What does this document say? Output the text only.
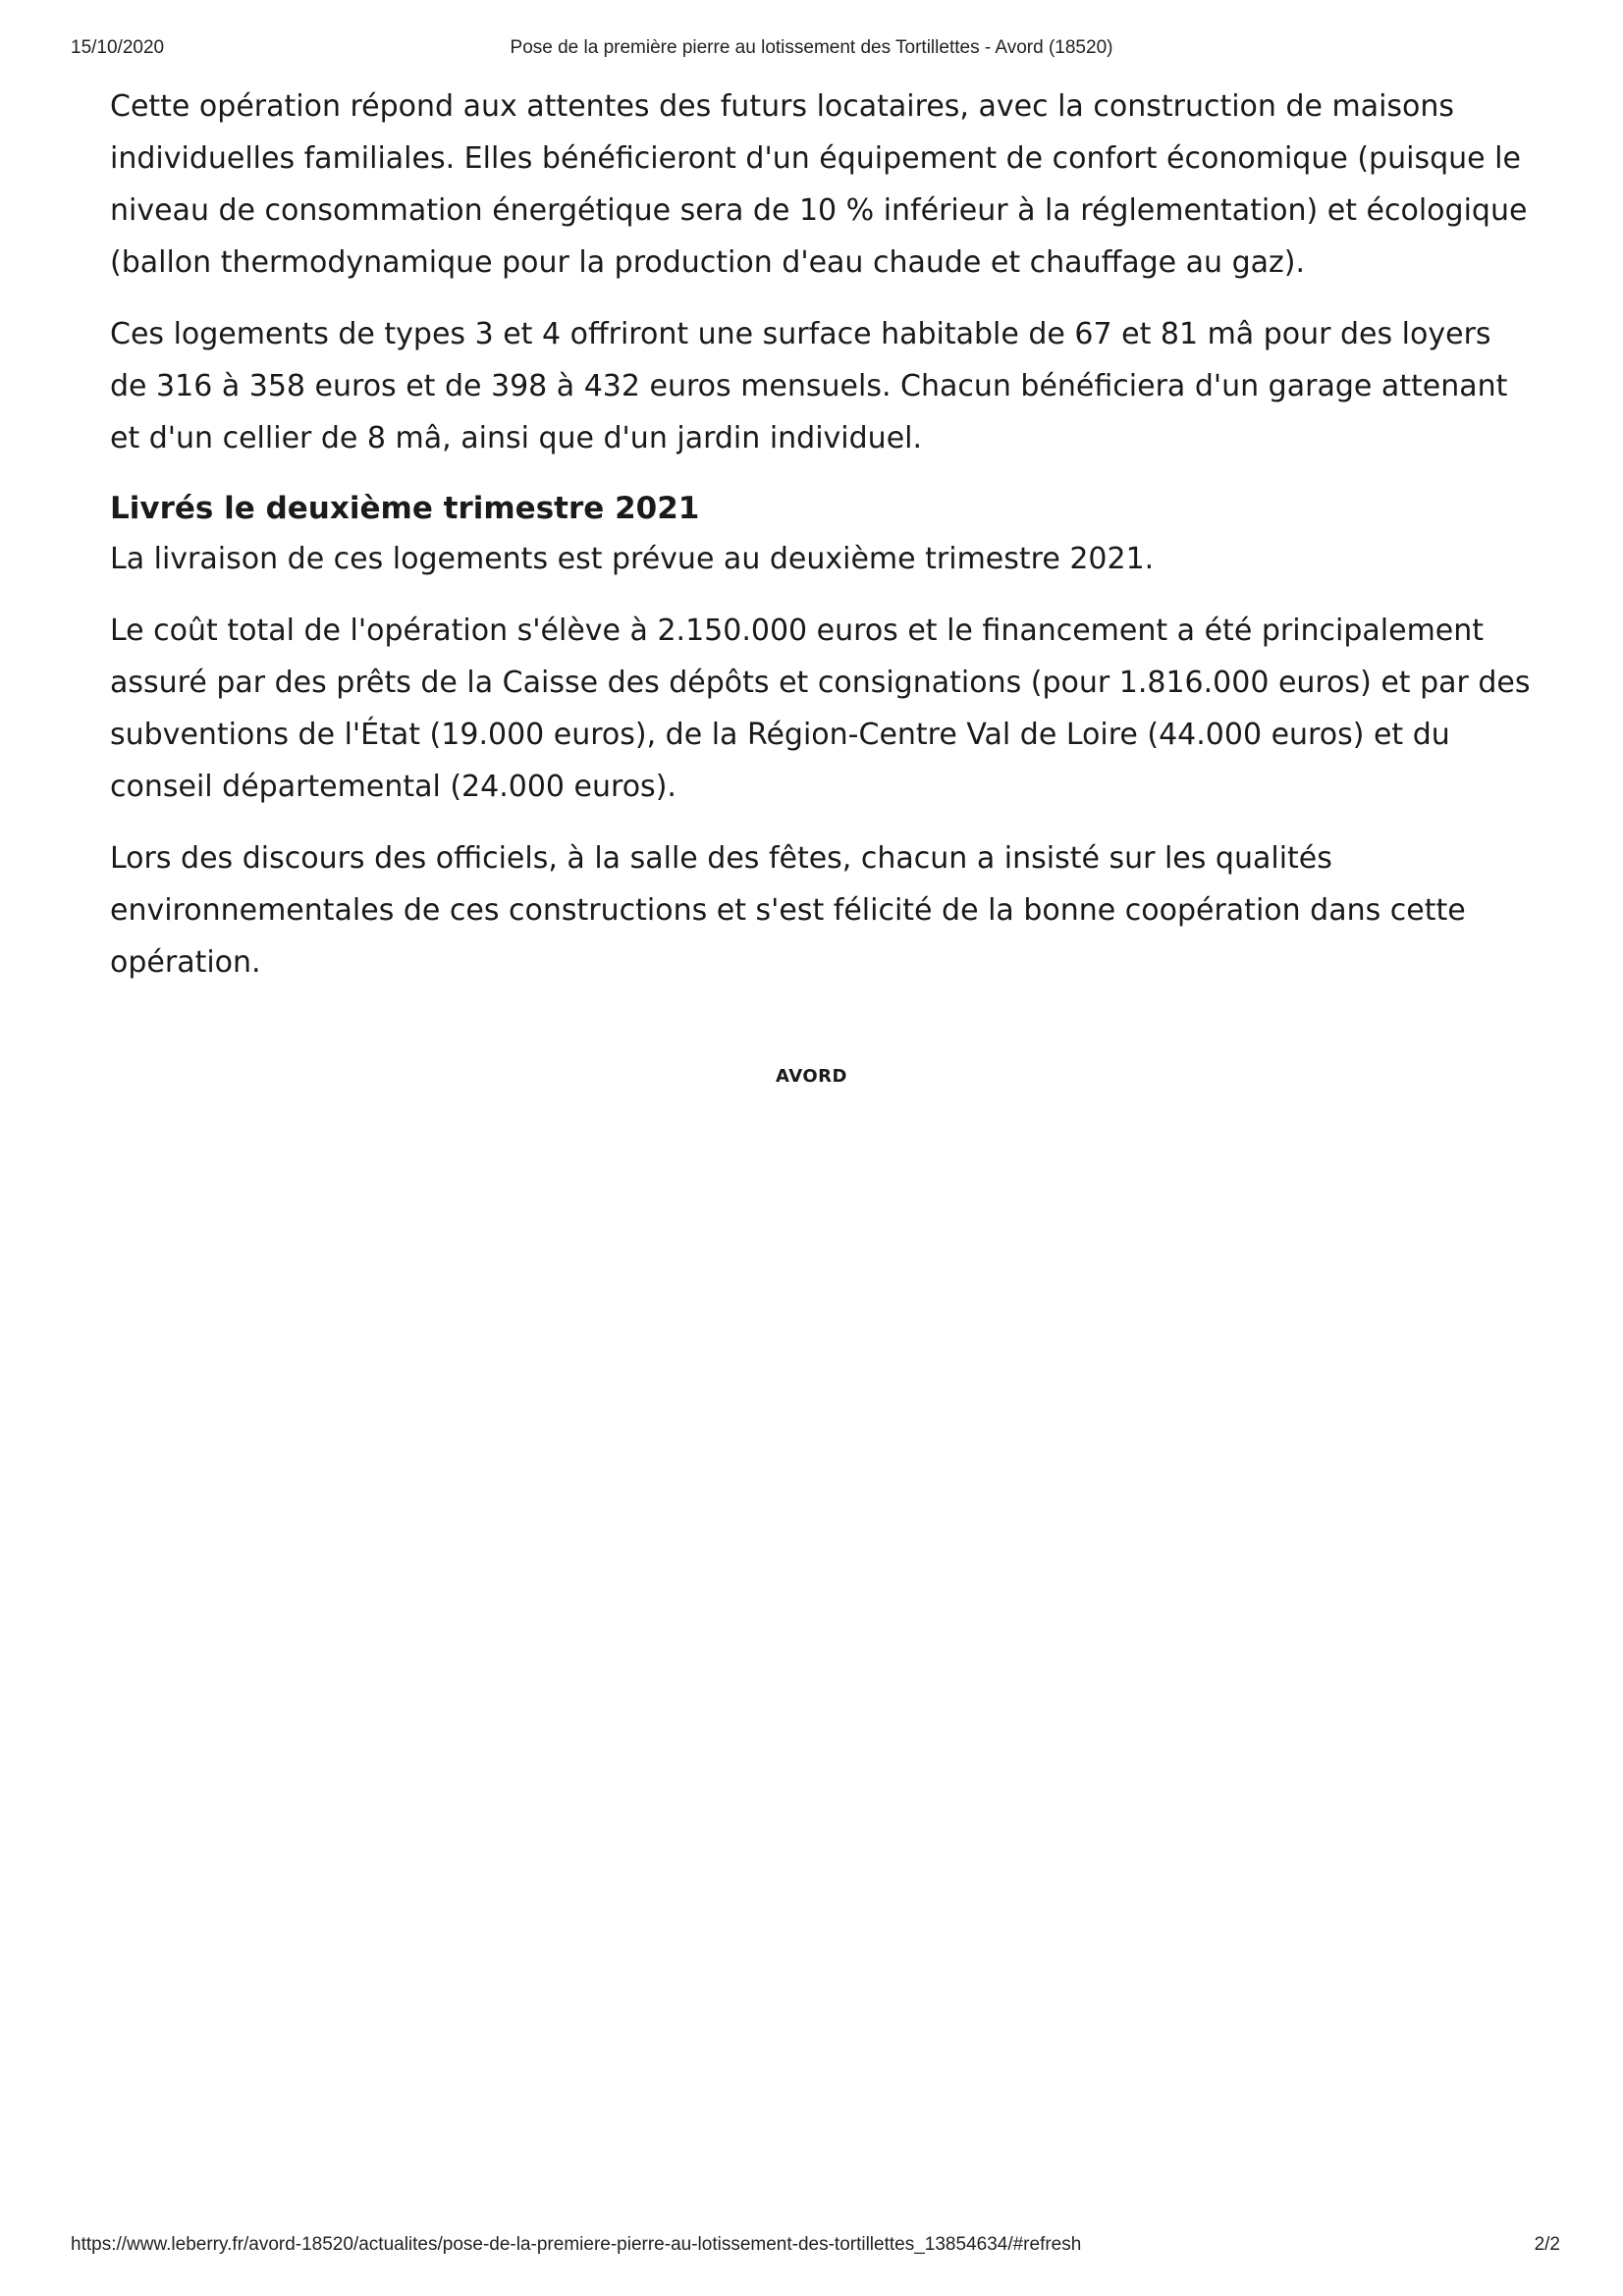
15/10/2020	Pose de la première pierre au lotissement des Tortillettes - Avord (18520)

Cette opération répond aux attentes des futurs locataires, avec la construction de maisons individuelles familiales. Elles bénéficieront d'un équipement de confort économique (puisque le niveau de consommation énergétique sera de 10 % inférieur à la réglementation) et écologique (ballon thermodynamique pour la production d'eau chaude et chauffage au gaz).

Ces logements de types 3 et 4 offriront une surface habitable de 67 et 81 mâ pour des loyers de 316 à 358 euros et de 398 à 432 euros mensuels. Chacun bénéficiera d'un garage attenant et d'un cellier de 8 mâ, ainsi que d'un jardin individuel.

Livrés le deuxième trimestre 2021

La livraison de ces logements est prévue au deuxième trimestre 2021.

Le coût total de l'opération s'élève à 2.150.000 euros et le financement a été principalement assuré par des prêts de la Caisse des dépôts et consignations (pour 1.816.000 euros) et par des subventions de l'État (19.000 euros), de la Région-Centre Val de Loire (44.000 euros) et du conseil départemental (24.000 euros).

Lors des discours des officiels, à la salle des fêtes, chacun a insisté sur les qualités environnementales de ces constructions et s'est félicité de la bonne coopération dans cette opération.

AVORD
https://www.leberry.fr/avord-18520/actualites/pose-de-la-premiere-pierre-au-lotissement-des-tortillettes_13854634/#refresh	2/2
